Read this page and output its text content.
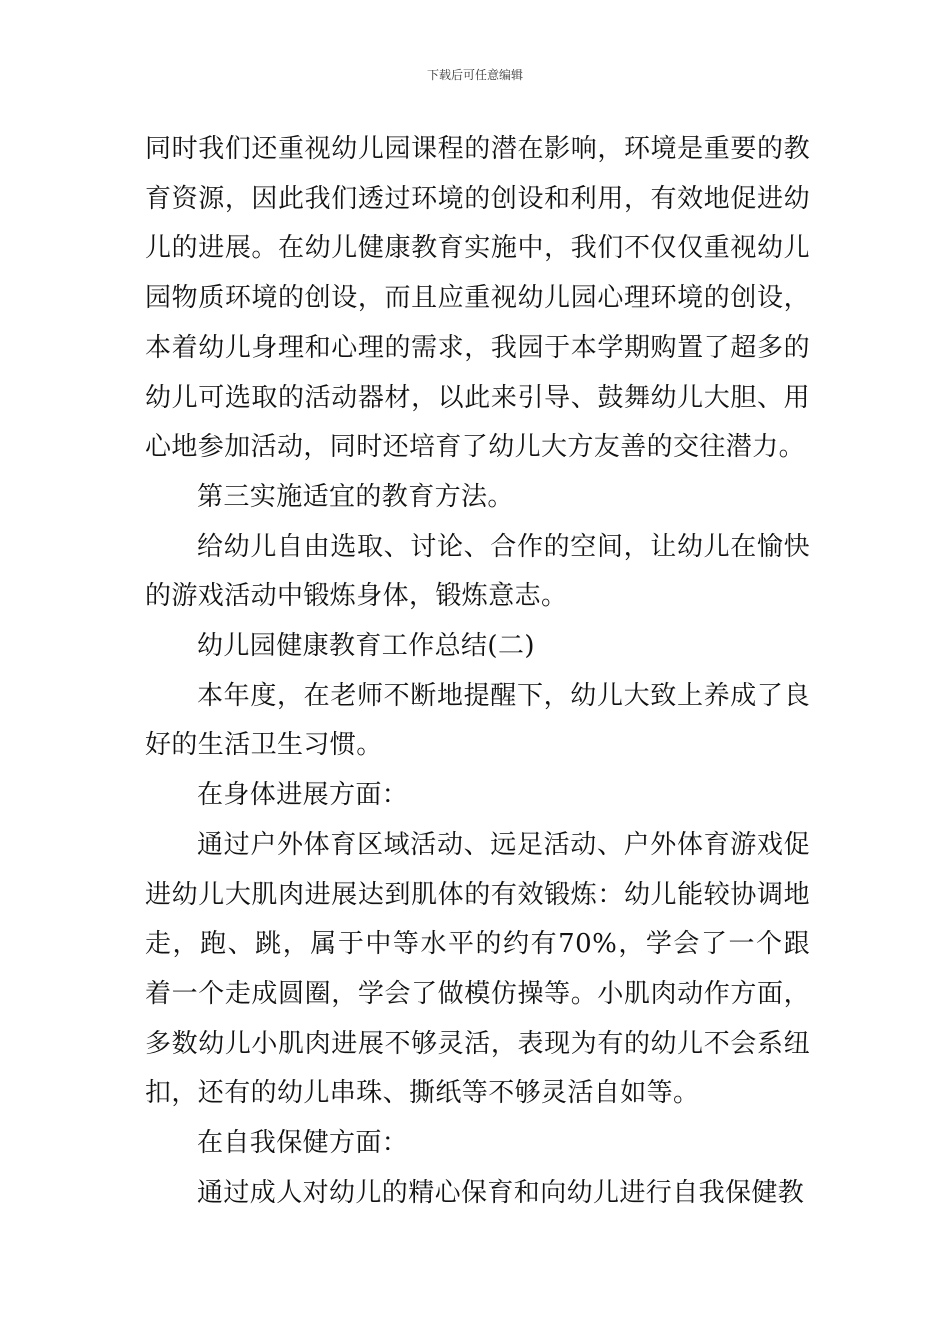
下载后可任意编辑

同时我们还重视幼儿园课程的潜在影响，环境是重要的教育资源，因此我们透过环境的创设和利用，有效地促进幼儿的进展。在幼儿健康教育实施中，我们不仅仅重视幼儿园物质环境的创设，而且应重视幼儿园心理环境的创设，本着幼儿身理和心理的需求，我园于本学期购置了超多的幼儿可选取的活动器材，以此来引导、鼓舞幼儿大胆、用心地参加活动，同时还培育了幼儿大方友善的交往潜力。

第三实施适宜的教育方法。

给幼儿自由选取、讨论、合作的空间，让幼儿在愉快的游戏活动中锻炼身体，锻炼意志。

幼儿园健康教育工作总结(二)

本年度，在老师不断地提醒下，幼儿大致上养成了良好的生活卫生习惯。

在身体进展方面：

通过户外体育区域活动、远足活动、户外体育游戏促进幼儿大肌肉进展达到肌体的有效锻炼：幼儿能较协调地走，跑、跳，属于中等水平的约有70%，学会了一个跟着一个走成圆圈，学会了做模仿操等。小肌肉动作方面，多数幼儿小肌肉进展不够灵活，表现为有的幼儿不会系纽扣，还有的幼儿串珠、撕纸等不够灵活自如等。

在自我保健方面：

通过成人对幼儿的精心保育和向幼儿进行自我保健教
